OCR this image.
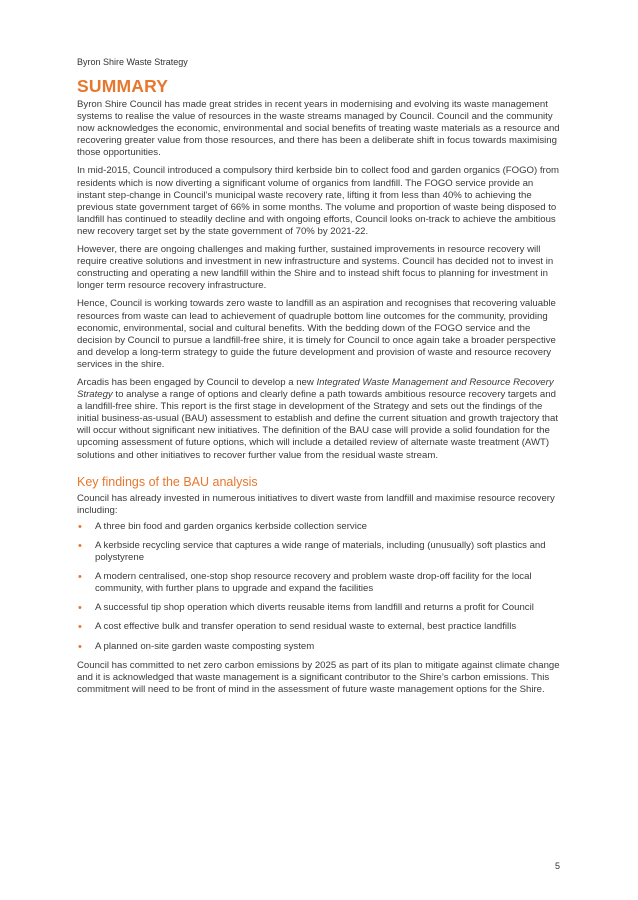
Byron Shire Waste Strategy

SUMMARY

Byron Shire Council has made great strides in recent years in modernising and evolving its waste management systems to realise the value of resources in the waste streams managed by Council. Council and the community now acknowledges the economic, environmental and social benefits of treating waste materials as a resource and recovering greater value from those resources, and there has been a deliberate shift in focus towards maximising those opportunities.

In mid-2015, Council introduced a compulsory third kerbside bin to collect food and garden organics (FOGO) from residents which is now diverting a significant volume of organics from landfill. The FOGO service provide an instant step-change in Council’s municipal waste recovery rate, lifting it from less than 40% to achieving the previous state government target of 66% in some months. The volume and proportion of waste being disposed to landfill has continued to steadily decline and with ongoing efforts, Council looks on-track to achieve the ambitious new recovery target set by the state government of 70% by 2021-22.

However, there are ongoing challenges and making further, sustained improvements in resource recovery will require creative solutions and investment in new infrastructure and systems. Council has decided not to invest in constructing and operating a new landfill within the Shire and to instead shift focus to planning for investment in longer term resource recovery infrastructure.

Hence, Council is working towards zero waste to landfill as an aspiration and recognises that recovering valuable resources from waste can lead to achievement of quadruple bottom line outcomes for the community, providing economic, environmental, social and cultural benefits. With the bedding down of the FOGO service and the decision by Council to pursue a landfill-free shire, it is timely for Council to once again take a broader perspective and develop a long-term strategy to guide the future development and provision of waste and resource recovery services in the shire.

Arcadis has been engaged by Council to develop a new Integrated Waste Management and Resource Recovery Strategy to analyse a range of options and clearly define a path towards ambitious resource recovery targets and a landfill-free shire. This report is the first stage in development of the Strategy and sets out the findings of the initial business-as-usual (BAU) assessment to establish and define the current situation and growth trajectory that will occur without significant new initiatives. The definition of the BAU case will provide a solid foundation for the upcoming assessment of future options, which will include a detailed review of alternate waste treatment (AWT) solutions and other initiatives to recover further value from the residual waste stream.

Key findings of the BAU analysis

Council has already invested in numerous initiatives to divert waste from landfill and maximise resource recovery including:

• A three bin food and garden organics kerbside collection service
• A kerbside recycling service that captures a wide range of materials, including (unusually) soft plastics and polystyrene
• A modern centralised, one-stop shop resource recovery and problem waste drop-off facility for the local community, with further plans to upgrade and expand the facilities
• A successful tip shop operation which diverts reusable items from landfill and returns a profit for Council
• A cost effective bulk and transfer operation to send residual waste to external, best practice landfills
• A planned on-site garden waste composting system

Council has committed to net zero carbon emissions by 2025 as part of its plan to mitigate against climate change and it is acknowledged that waste management is a significant contributor to the Shire’s carbon emissions. This commitment will need to be front of mind in the assessment of future waste management options for the Shire.

5
